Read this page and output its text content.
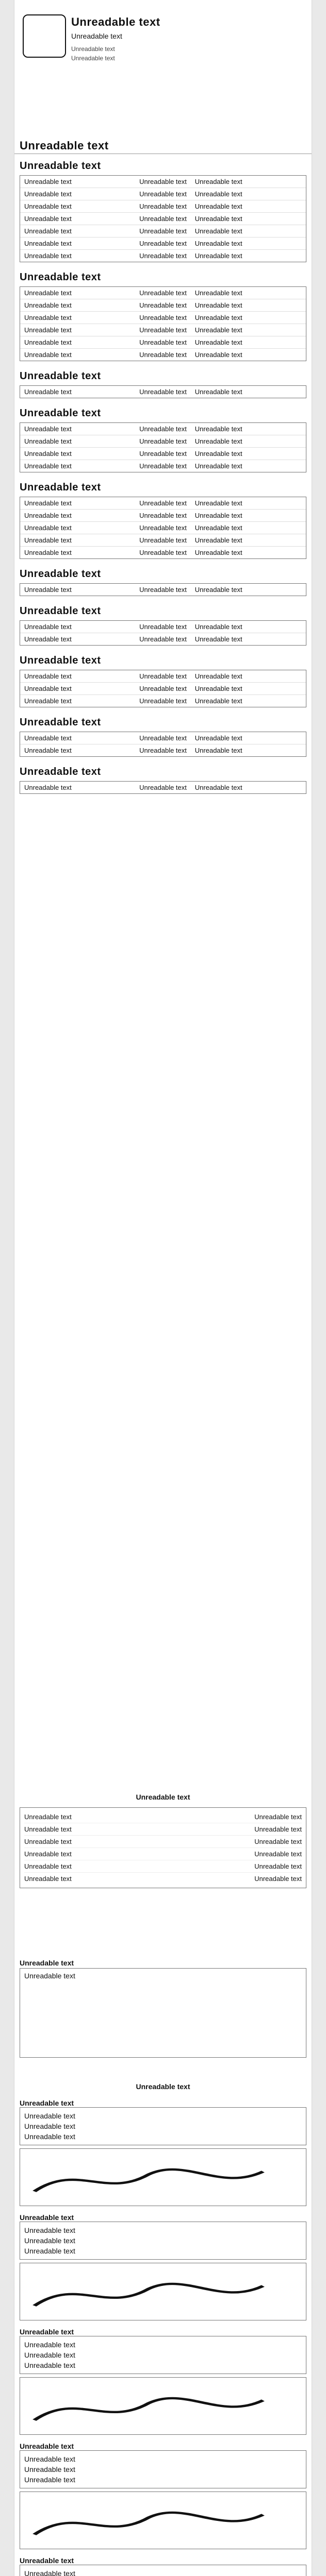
Unreadable text
Unreadable text
Unreadable text
Unreadable text
Unreadable text
Unreadable text
Unreadable text	Unreadable text	Unreadable text
Unreadable text	Unreadable text	Unreadable text
Unreadable text	Unreadable text	Unreadable text
Unreadable text	Unreadable text	Unreadable text
Unreadable text	Unreadable text	Unreadable text
Unreadable text	Unreadable text	Unreadable text
Unreadable text	Unreadable text	Unreadable text
Unreadable text
Unreadable text	Unreadable text	Unreadable text
Unreadable text	Unreadable text	Unreadable text
Unreadable text	Unreadable text	Unreadable text
Unreadable text	Unreadable text	Unreadable text
Unreadable text	Unreadable text	Unreadable text
Unreadable text	Unreadable text	Unreadable text
Unreadable text
Unreadable text	Unreadable text	Unreadable text
Unreadable text
Unreadable text	Unreadable text	Unreadable text
Unreadable text	Unreadable text	Unreadable text
Unreadable text	Unreadable text	Unreadable text
Unreadable text	Unreadable text	Unreadable text
Unreadable text
Unreadable text	Unreadable text	Unreadable text
Unreadable text	Unreadable text	Unreadable text
Unreadable text	Unreadable text	Unreadable text
Unreadable text	Unreadable text	Unreadable text
Unreadable text	Unreadable text	Unreadable text
Unreadable text
Unreadable text	Unreadable text	Unreadable text
Unreadable text
Unreadable text	Unreadable text	Unreadable text
Unreadable text	Unreadable text	Unreadable text
Unreadable text
Unreadable text	Unreadable text	Unreadable text
Unreadable text	Unreadable text	Unreadable text
Unreadable text	Unreadable text	Unreadable text
Unreadable text
Unreadable text	Unreadable text	Unreadable text
Unreadable text	Unreadable text	Unreadable text
Unreadable text
Unreadable text	Unreadable text	Unreadable text
Unreadable text
Unreadable text	Unreadable text
Unreadable text	Unreadable text
Unreadable text	Unreadable text
Unreadable text	Unreadable text
Unreadable text	Unreadable text
Unreadable text	Unreadable text
Unreadable text
Unreadable text
Unreadable text
Unreadable text
Unreadable text
Unreadable text
Unreadable text
Unreadable text
Unreadable text
Unreadable text
Unreadable text
Unreadable text
Unreadable text
Unreadable text
Unreadable text
Unreadable text
Unreadable text
Unreadable text
Unreadable text
Unreadable text
Unreadable text
